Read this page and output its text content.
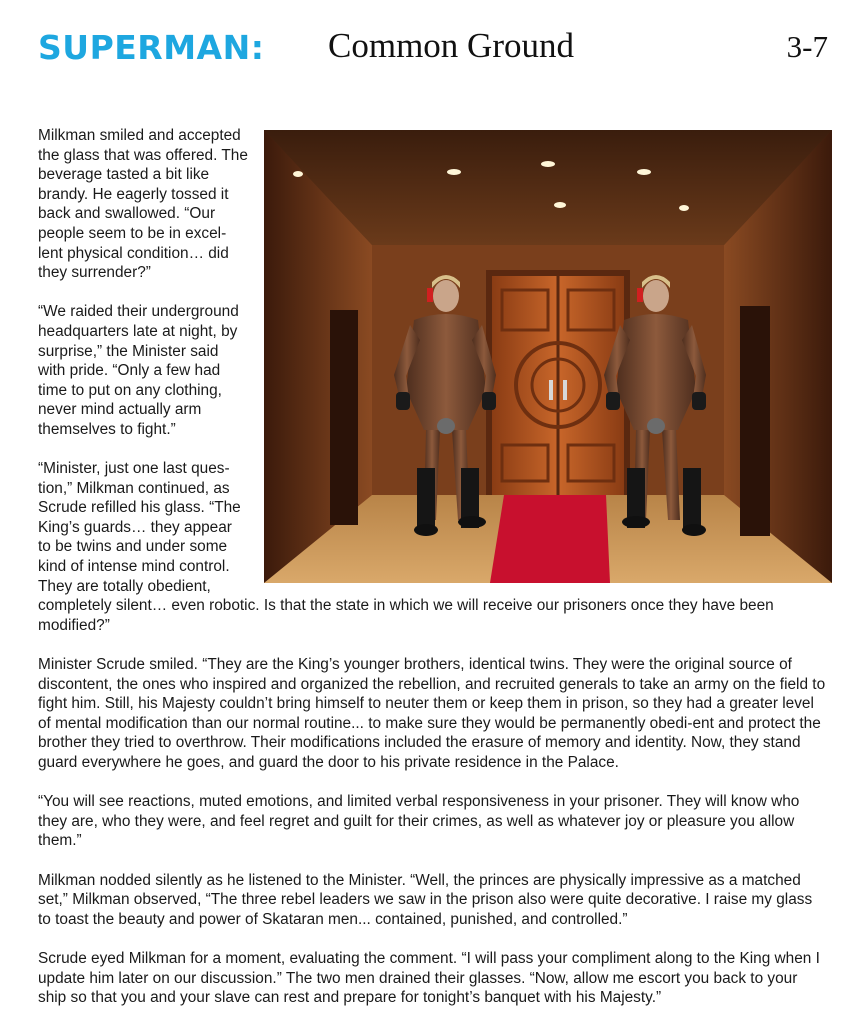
SUPERMAN: Common Ground	3-7

Milkman smiled and accepted the glass that was offered. The beverage tasted a bit like brandy. He eagerly tossed it back and swallowed. “Our people seem to be in excel-lent physical condition… did they surrender?”

“We raided their underground headquarters late at night, by surprise,” the Minister said with pride. “Only a few had time to put on any clothing, never mind actually arm themselves to fight.”

“Minister, just one last ques-tion,” Milkman continued, as Scrude refilled his glass. “The King’s guards… they appear to be twins and under some kind of intense mind control. They are totally obedient, completely silent… even robotic. Is that the state in which we will receive our prisoners once they have been modified?”

Minister Scrude smiled. “They are the King’s younger brothers, identical twins. They were the original source of discontent, the ones who inspired and organized the rebellion, and recruited generals to take an army on the field to fight him. Still, his Majesty couldn’t bring himself to neuter them or keep them in prison, so they had a greater level of mental modification than our normal routine... to make sure they would be permanently obedi-ent and protect the brother they tried to overthrow. Their modifications included the erasure of memory and identity. Now, they stand guard everywhere he goes, and guard the door to his private residence in the Palace.

“You will see reactions, muted emotions, and limited verbal responsiveness in your prisoner. They will know who they are, who they were, and feel regret and guilt for their crimes, as well as whatever joy or pleasure you allow them.”

Milkman nodded silently as he listened to the Minister. “Well, the princes are physically impressive as a matched set,” Milkman observed, “The three rebel leaders we saw in the prison also were quite decorative. I raise my glass to toast the beauty and power of Skataran men... contained, punished, and controlled.”

Scrude eyed Milkman for a moment, evaluating the comment. “I will pass your compliment along to the King when I update him later on our discussion.” The two men drained their glasses. “Now, allow me escort you back to your ship so that you and your slave can rest and prepare for tonight’s banquet with his Majesty.”
